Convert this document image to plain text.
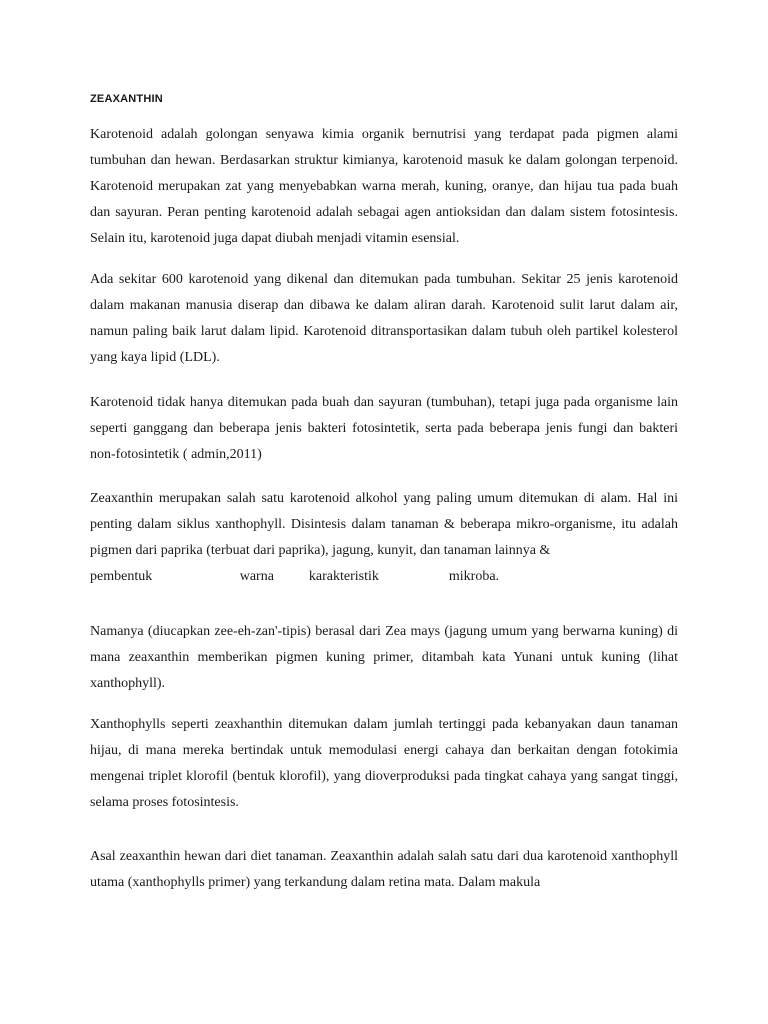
ZEAXANTHIN

Karotenoid adalah golongan senyawa kimia organik bernutrisi yang terdapat pada pigmen alami tumbuhan dan hewan. Berdasarkan struktur kimianya, karotenoid masuk ke dalam golongan terpenoid. Karotenoid merupakan zat yang menyebabkan warna merah, kuning, oranye, dan hijau tua pada buah dan sayuran. Peran penting karotenoid adalah sebagai agen antioksidan dan dalam sistem fotosintesis. Selain itu, karotenoid juga dapat diubah menjadi vitamin esensial.

Ada sekitar 600 karotenoid yang dikenal dan ditemukan pada tumbuhan. Sekitar 25 jenis karotenoid dalam makanan manusia diserap dan dibawa ke dalam aliran darah. Karotenoid sulit larut dalam air, namun paling baik larut dalam lipid. Karotenoid ditransportasikan dalam tubuh oleh partikel kolesterol yang kaya lipid (LDL).

Karotenoid tidak hanya ditemukan pada buah dan sayuran (tumbuhan), tetapi juga pada organisme lain seperti ganggang dan beberapa jenis bakteri fotosintetik, serta pada beberapa jenis fungi dan bakteri non-fotosintetik ( admin,2011)

Zeaxanthin merupakan salah satu karotenoid alkohol yang paling umum ditemukan di alam. Hal ini penting dalam siklus xanthophyll. Disintesis dalam tanaman & beberapa mikro-organisme, itu adalah pigmen dari paprika (terbuat dari paprika), jagung, kunyit, dan tanaman lainnya &
pembentuk     warna  karakteristik    mikroba.

Namanya (diucapkan zee-eh-zan'-tipis) berasal dari Zea mays (jagung umum yang berwarna kuning) di mana zeaxanthin memberikan pigmen kuning primer, ditambah kata Yunani untuk kuning (lihat xanthophyll).

Xanthophylls seperti zeaxhanthin ditemukan dalam jumlah tertinggi pada kebanyakan daun tanaman hijau, di mana mereka bertindak untuk memodulasi energi cahaya dan berkaitan dengan fotokimia mengenai triplet klorofil (bentuk klorofil), yang dioverproduksi pada tingkat cahaya yang sangat tinggi, selama proses fotosintesis.

Asal zeaxanthin hewan dari diet tanaman. Zeaxanthin adalah salah satu dari dua karotenoid xanthophyll utama (xanthophylls primer) yang terkandung dalam retina mata. Dalam makula
